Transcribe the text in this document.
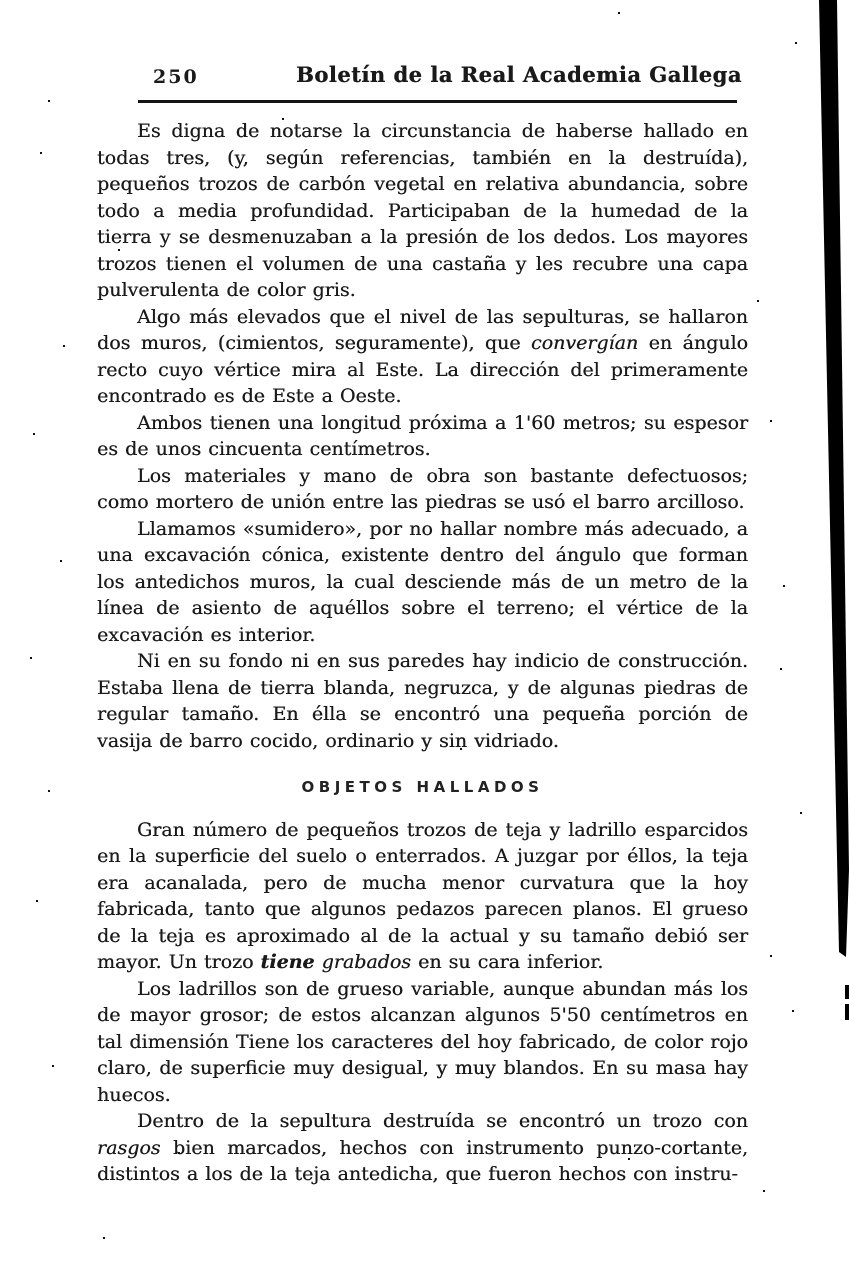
250	Boletín de la Real Academia Gallega

Es digna de notarse la circunstancia de haberse hallado en todas tres, (y, según referencias, también en la destruída), pequeños trozos de carbón vegetal en relativa abundancia, sobre todo a media profundidad. Participaban de la humedad de la tierra y se desmenuzaban a la presión de los dedos. Los mayores trozos tienen el volumen de una castaña y les recubre una capa pulverulenta de color gris.

Algo más elevados que el nivel de las sepulturas, se hallaron dos muros, (cimientos, seguramente), que convergían en ángulo recto cuyo vértice mira al Este. La dirección del primeramente encontrado es de Este a Oeste.

Ambos tienen una longitud próxima a 1'60 metros; su espesor es de unos cincuenta centímetros.

Los materiales y mano de obra son bastante defectuosos; como mortero de unión entre las piedras se usó el barro arcilloso.

Llamamos «sumidero», por no hallar nombre más adecuado, a una excavación cónica, existente dentro del ángulo que forman los antedichos muros, la cual desciende más de un metro de la línea de asiento de aquéllos sobre el terreno; el vértice de la excavación es interior.

Ni en su fondo ni en sus paredes hay indicio de construcción. Estaba llena de tierra blanda, negruzca, y de algunas piedras de regular tamaño. En élla se encontró una pequeña porción de vasija de barro cocido, ordinario y sin vidriado.

OBJETOS HALLADOS

Gran número de pequeños trozos de teja y ladrillo esparcidos en la superficie del suelo o enterrados. A juzgar por éllos, la teja era acanalada, pero de mucha menor curvatura que la hoy fabricada, tanto que algunos pedazos parecen planos. El grueso de la teja es aproximado al de la actual y su tamaño debió ser mayor. Un trozo tiene grabados en su cara inferior.

Los ladrillos son de grueso variable, aunque abundan más los de mayor grosor; de estos alcanzan algunos 5'50 centímetros en tal dimensión Tiene los caracteres del hoy fabricado, de color rojo claro, de superficie muy desigual, y muy blandos. En su masa hay huecos.

Dentro de la sepultura destruída se encontró un trozo con rasgos bien marcados, hechos con instrumento punzo-cortante, distintos a los de la teja antedicha, que fueron hechos con instru-
